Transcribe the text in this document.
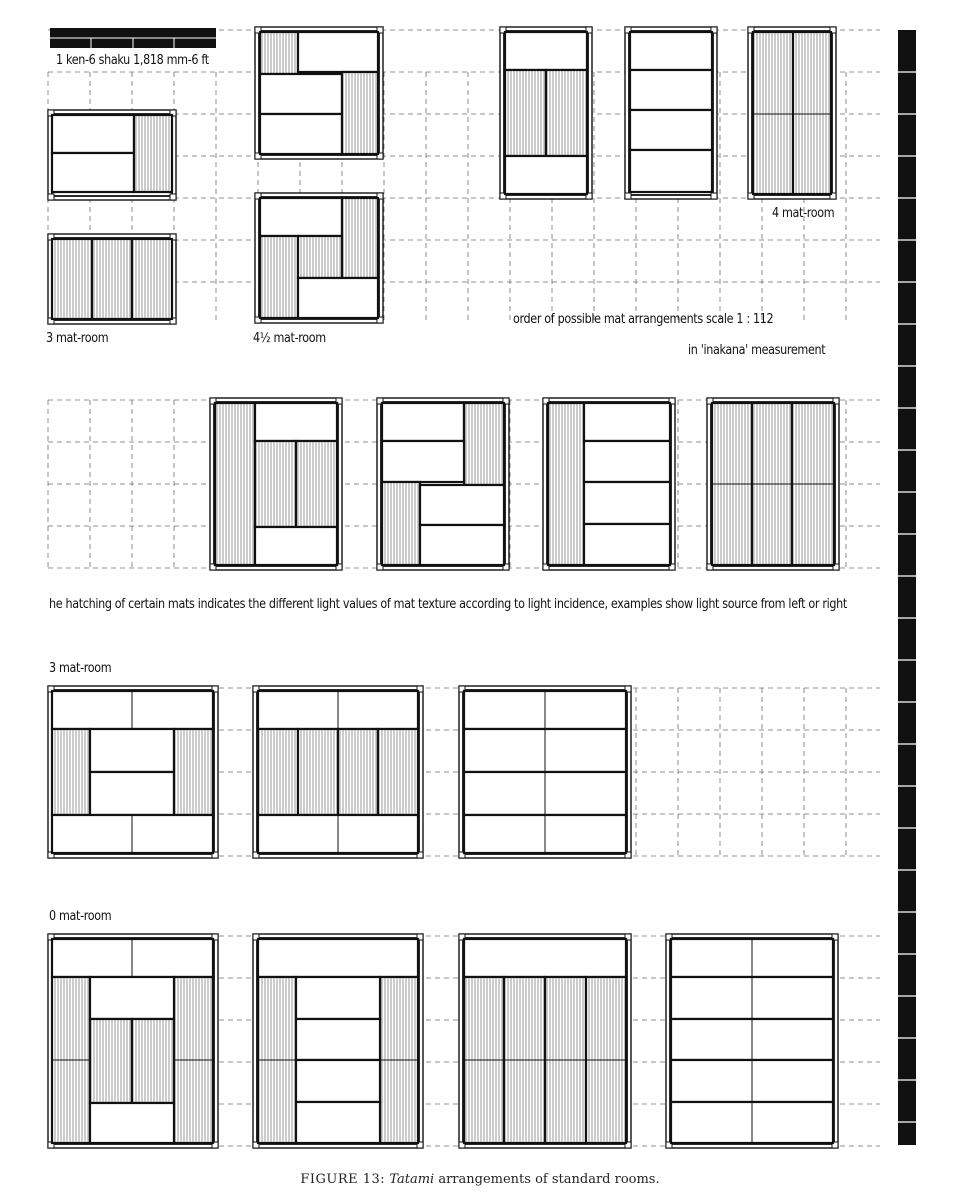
1 ken-6 shaku 1,818 mm-6 ft
4 mat-room
3 mat-room	4½ mat-room
order of possible mat arrangements scale 1 : 112
in 'inakana' measurement
he hatching of certain mats indicates the different light values of mat texture according to light incidence, examples show light source from left or right
3 mat-room
0 mat-room
FIGURE 13: Tatami arrangements of standard rooms.
